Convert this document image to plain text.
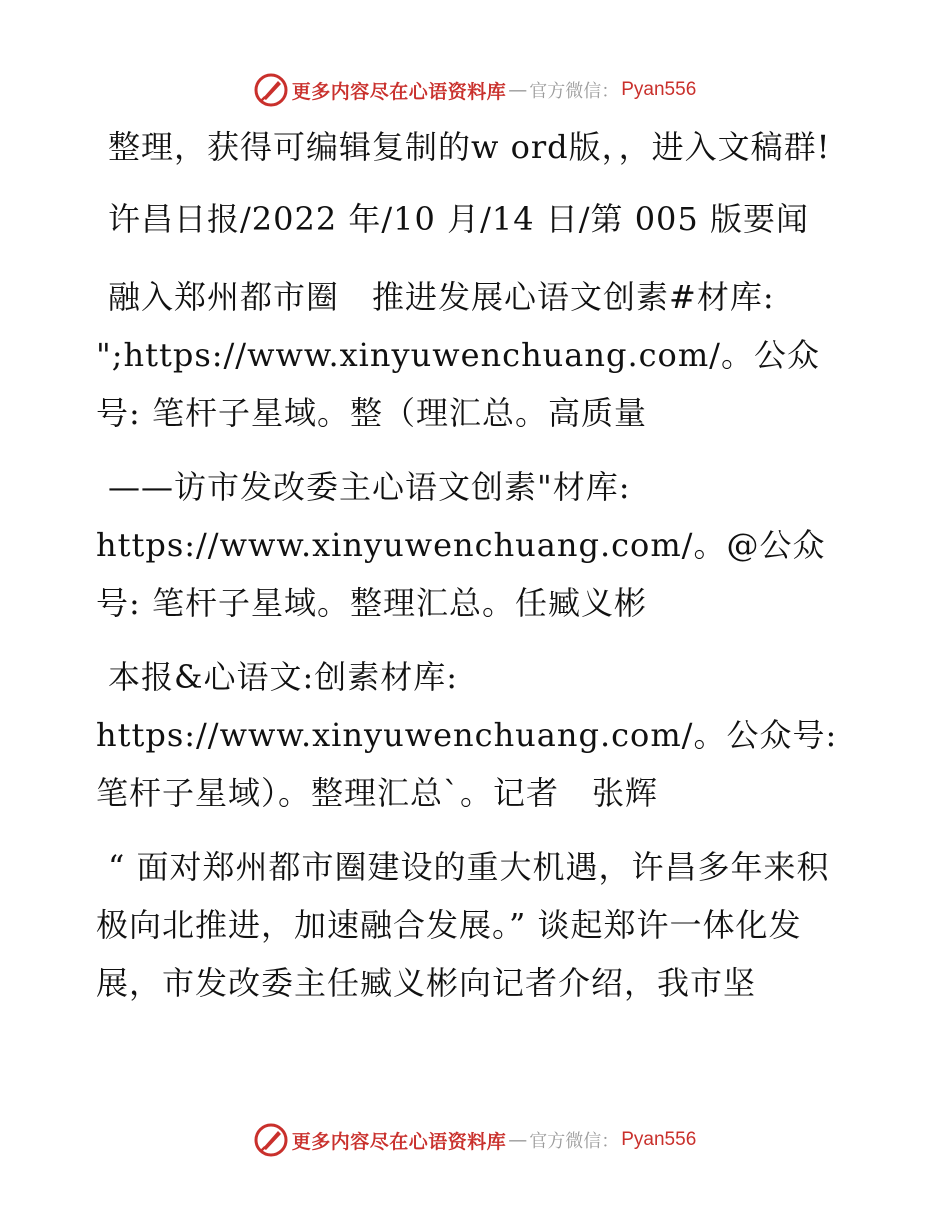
更多内容尽在心语资料库 — 官方微信： Pyan556

整理，获得可编辑复制的w ord版，，进入文稿群!

许昌日报/2022 年/10 月/14 日/第 005 版要闻

融入郑州都市圈　推进发展心语文创素#材库: ";https://www.xinyuwenchuang.com/。公众号: 笔杆子星域。整（理汇总。高质量

——访市发改委主心语文创素"材库: https://www.xinyuwenchuang.com/。@公众号: 笔杆子星域。整理汇总。任臧义彬

本报&心语文:创素材库: https://www.xinyuwenchuang.com/。公众号: 笔杆子星域）。整理汇总`。记者　张辉

“ 面对郑州都市圈建设的重大机遇，许昌多年来积极向北推进，加速融合发展。” 谈起郑许一体化发展，市发改委主任臧义彬向记者介绍，我市坚

更多内容尽在心语资料库 — 官方微信： Pyan556
